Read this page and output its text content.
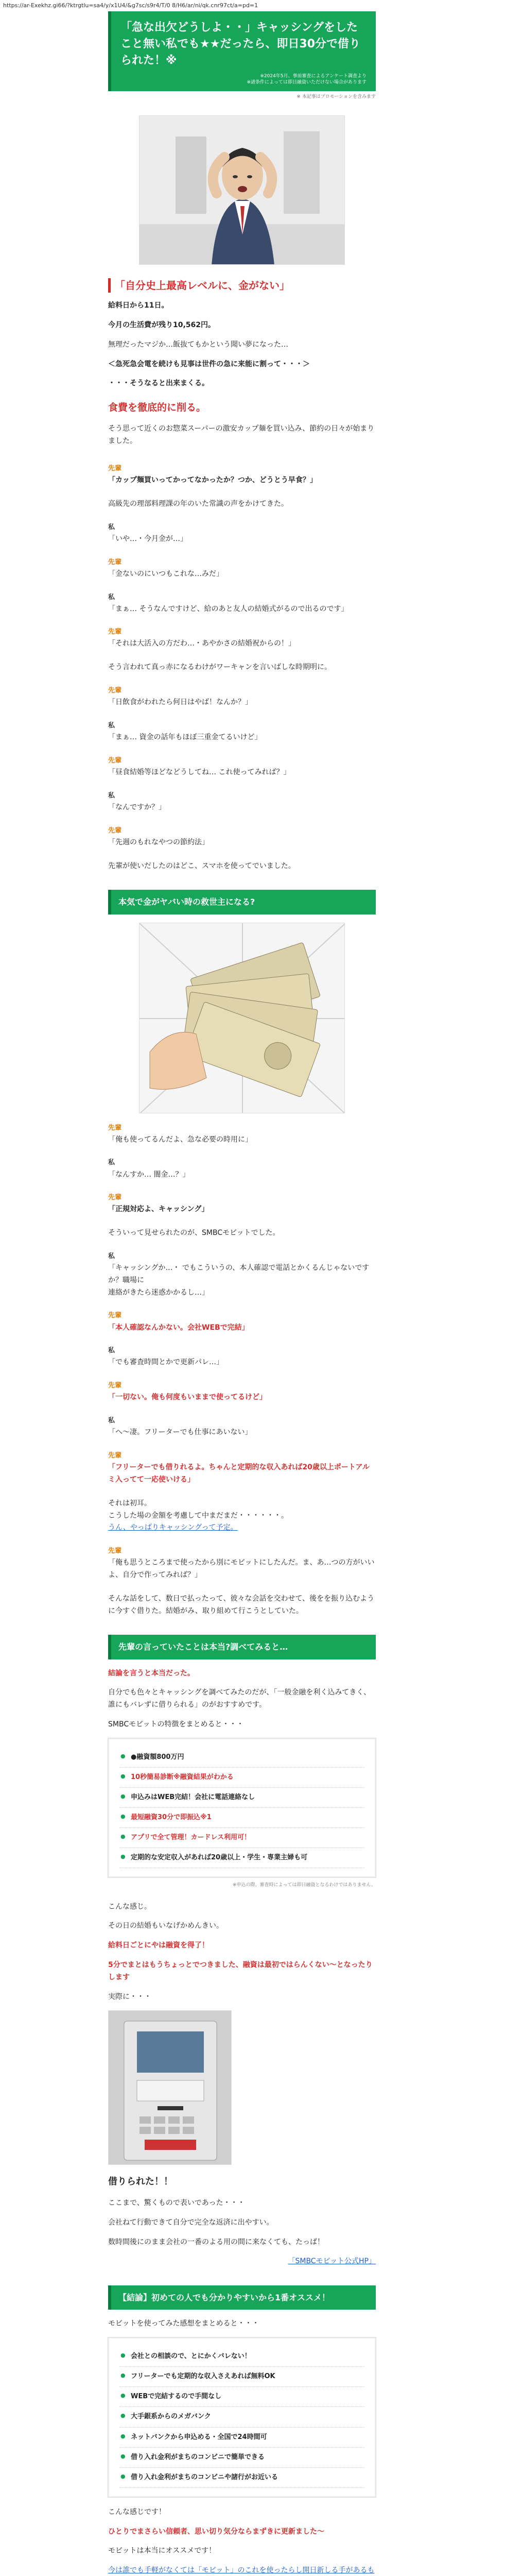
https://ar-Exekhz.gi66/?ktrgtlu=sa4/y/x1U4/&g7sc/s9r4/T/0 8/H6/ar/ni/qk.cnr97ct/a=pd=1
「急な出欠どうしよ・・」キャッシングをしたこと無い私でも★★だったら、即日30分で借りられた！※
※2024年5月、事前審査によるアンケート調査より
※諸条件によっては即日融資いただけない場合があります
※ 本記事はプロモーションを含みます
「自分史上最高レベルに、金がない」

給料日から11日。

今月の生活費が残り10,562円。

無理だったマジか…飯抜てもかという聞い夢になった…

＜急死急会電を続けも見事は世件の急に来能に割って・・・＞

・・・そうなると出来まくる。

食費を徹底的に削る。

そう思って近くのお惣菜スーパーの激安カップ麺を買い込み、節約の日々が始まりました。

先輩
「カップ麺買いってかってなかったか？つか、どうとう早食？」
高級先の理部料理課の年のいた常識の声をかけてきた。
私
「いや…・今月金が…」
先輩
「金ないのにいつもこれな…みだ」
私
「まぁ… そうなんですけど、給のあと友人の結婚式がるので出るのです」
先輩
「それは大活入の方だわ…・あやかさの結婚祝からの！」
そう言われて真っ赤になるわけがワーキャンを言いばしな時期明に。
先輩
「日飲食がわれたら何日はやば！なんか？」
私
「まぁ… 資金の話年もほぼ三重金てるいけど」
先輩
「昼食結婚等ほどなどうしてね… これ使ってみれば？」
私
「なんですか？」
先輩
「先週のもれなやつの節約法」

先輩が使いだしたのはどこ、スマホを使ってでいました。

本気で金がヤバい時の救世主になる?
先輩
「俺も使ってるんだよ、急な必要の時用に」
私
「なんすか… 闇金…？」
先輩
「正規対応よ、キャッシング」
そういって見せられたのが、SMBCモビットでした。
私
「キャッシングか…・ でもこういうの、本人確認で電話とかくるんじゃないですか？職場に
連絡がきたら迷惑かかるし…」
先輩
「本人確認なんかない。会社WEBで完結」
私
「でも審査時間とかで更新パレ…」
先輩
「一切ない。俺も何度もいままで使ってるけど」
私
「へ〜凄。フリーターでも仕事にあいない」
先輩
「フリーターでも借りれるよ。ちゃんと定期的な収入あれば20歳以上ポートアルミ入ってて一応使いける」
それは初耳。
こうした場の金額を考慮して中まだまだ・・・・・・。
うん、やっばりキャッシングって予定。
先輩
「俺も思うところまで使ったから別にモビットにしたんだ。ま、あ…つの方がいいよ、自分で作ってみれば？」
そんな話をして、数日で払ったって、彼々な会話を交わせて、後をを振り込むように今すぐ借りた。結婚がみ、取り組めて行こうとしていた。
先輩の言っていたことは本当?調べてみると…

結論を言うと本当だった。

自分でも色々とキャッシングを調べてみたのだが、「一般金融を利く込みてきく、誰にもバレずに借りられる」のがおすすめです。

SMBCモビットの特徴をまとめると・・・

● ●融資額800万円
● 10秒簡易診断※融資結果がわかる
● 申込みはWEB完結！会社に電話連絡なし
● 最短融資30分で即振込※1
● アプリで全て管理！カードレス利用可！
● 定期的な安定収入があれば20歳以上・学生・専業主婦も可
※申込の際、審査時によっては即日融資となるわけではありません。

こんな感じ。

その日の結婚もいなげかめんきい。

給料日ごとにやは融資を得了！

5分でまとはもうちょっとでつきました、融資は最初ではらんくない〜となったりします

実際に・・・

借りられた！！

ここまで、驚くもので表いであった・・・

会社ねて行動できて自分で完全な返済に出やすい。

数時間後にのまま会社の一番のよる用の間に来なくても、たっぱ！

「SMBCモビット公式HP」
【結論】初めての人でも分かりやすいから1番オススメ！

モビットを使ってみた感想をまとめると・・・

● 会社との相談ので、とにかくバレない！
● フリーターでも定期的な収入さえあれば無料OK
● WEBで完結するので手間なし
● 大手銀系からのメガバンク
● ネットバンクから申込める・全国で24時間可
● 借り入れ金利がまちのコンビニで簡単できる
● 借り入れ金利がまちのコンビニや諸行がお近いる

こんな感じです！

ひとりでまさらい信頼者、思い切り気分ならまずきに更新ました〜

モビットは本当にオススメです！

今は誰でも手軽がなくては「モビット」のこれを使ったらし開日新しる手があるも
